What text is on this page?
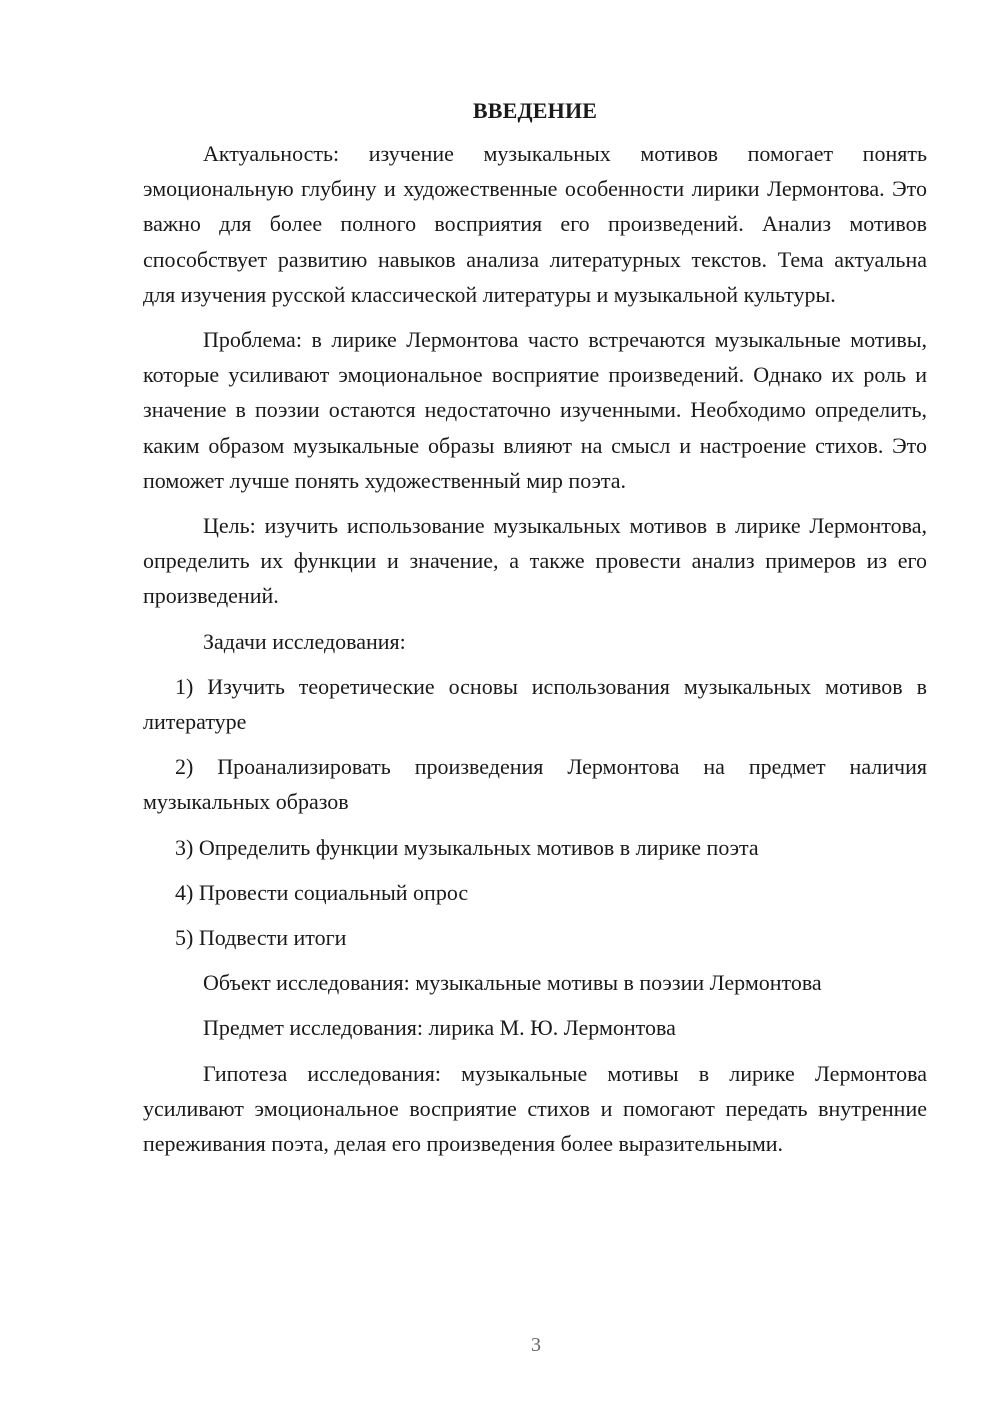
ВВЕДЕНИЕ

Актуальность: изучение музыкальных мотивов помогает понять эмоциональную глубину и художественные особенности лирики Лермонтова. Это важно для более полного восприятия его произведений. Анализ мотивов способствует развитию навыков анализа литературных текстов. Тема актуальна для изучения русской классической литературы и музыкальной культуры.

Проблема: в лирике Лермонтова часто встречаются музыкальные мотивы, которые усиливают эмоциональное восприятие произведений. Однако их роль и значение в поэзии остаются недостаточно изученными. Необходимо определить, каким образом музыкальные образы влияют на смысл и настроение стихов. Это поможет лучше понять художественный мир поэта.

Цель: изучить использование музыкальных мотивов в лирике Лермонтова, определить их функции и значение, а также провести анализ примеров из его произведений.

Задачи исследования:

1) Изучить теоретические основы использования музыкальных мотивов в литературе

2) Проанализировать произведения Лермонтова на предмет наличия музыкальных образов

3) Определить функции музыкальных мотивов в лирике поэта

4) Провести социальный опрос

5) Подвести итоги

Объект исследования: музыкальные мотивы в поэзии Лермонтова

Предмет исследования: лирика М. Ю. Лермонтова

Гипотеза исследования: музыкальные мотивы в лирике Лермонтова усиливают эмоциональное восприятие стихов и помогают передать внутренние переживания поэта, делая его произведения более выразительными.

3
